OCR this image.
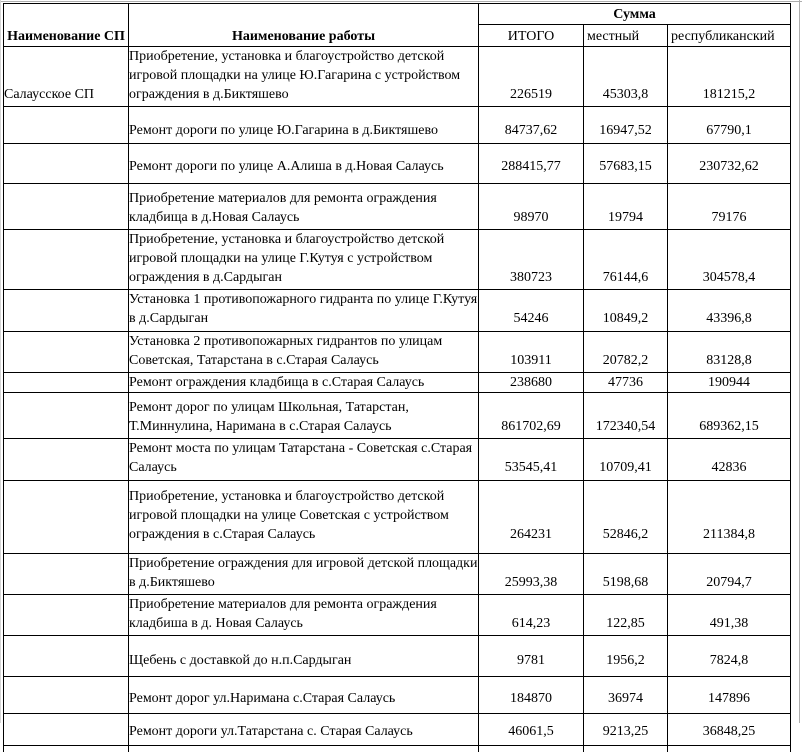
Наименование СП	Наименование работы	Сумма		
		ИТОГО	местный	республиканский
Салаусское СП	Приобретение, установка и благоустройство детской игровой площадки на улице Ю.Гагарина с устройством ограждения в д.Биктяшево	226519	45303,8	181215,2
	Ремонт дороги по улице Ю.Гагарина в д.Биктяшево	84737,62	16947,52	67790,1
	Ремонт дороги по улице А.Алиша в д.Новая Салаусь	288415,77	57683,15	230732,62
	Приобретение материалов для ремонта ограждения кладбища в д.Новая Салаусь	98970	19794	79176
	Приобретение, установка и благоустройство детской игровой площадки на улице Г.Кутуя с устройством ограждения в д.Сардыган	380723	76144,6	304578,4
	Установка 1 противопожарного гидранта по улице Г.Кутуя в д.Сардыган	54246	10849,2	43396,8
	Установка 2 противопожарных гидрантов по улицам Советская, Татарстана в с.Старая Салаусь	103911	20782,2	83128,8
	Ремонт ограждения кладбища в с.Старая Салаусь	238680	47736	190944
	Ремонт дорог по улицам Школьная, Татарстан, Т.Миннулина, Наримана в с.Старая Салаусь	861702,69	172340,54	689362,15
	Ремонт моста по улицам Татарстана - Советская с.Старая Салаусь	53545,41	10709,41	42836
	Приобретение, установка и благоустройство детской игровой площадки на улице Советская с устройством ограждения в с.Старая Салаусь	264231	52846,2	211384,8
	Приобретение ограждения для игровой детской площадки в д.Биктяшево	25993,38	5198,68	20794,7
	Приобретение материалов для ремонта ограждения кладбиша в д. Новая Салаусь	614,23	122,85	491,38
	Щебень с доставкой до н.п.Сардыган	9781	1956,2	7824,8
	Ремонт дорог ул.Наримана с.Старая Салаусь	184870	36974	147896
	Ремонт дороги ул.Татарстана с. Старая Салаусь	46061,5	9213,25	36848,25
